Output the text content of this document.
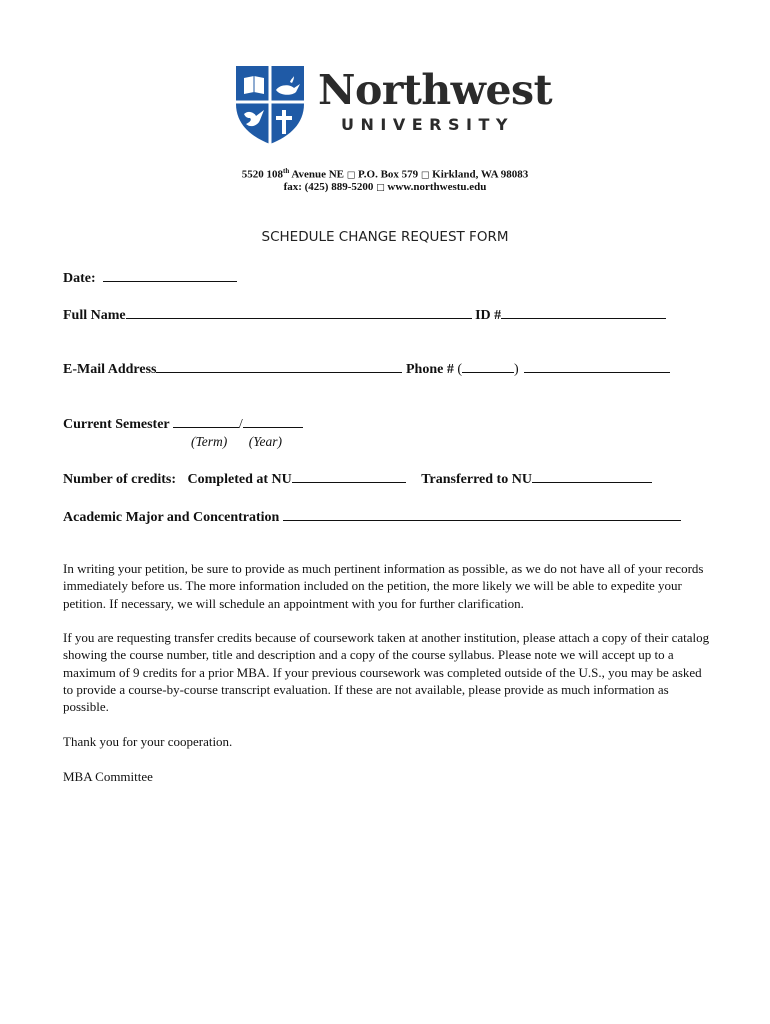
Northwest
UNIVERSITY
5520 108th Avenue NE □ P.O. Box 579 □ Kirkland, WA 98083
fax: (425) 889-5200 □ www.northwestu.edu
SCHEDULE CHANGE REQUEST FORM
Date:
Full Name	ID #
E-Mail Address	Phone # (	)
Current Semester	/
(Term) (Year)
Number of credits: Completed at NU	Transferred to NU
Academic Major and Concentration
In writing your petition, be sure to provide as much pertinent information as possible, as we do not have all of your records immediately before us. The more information included on the petition, the more likely we will be able to expedite your petition. If necessary, we will schedule an appointment with you for further clarification.
If you are requesting transfer credits because of coursework taken at another institution, please attach a copy of their catalog showing the course number, title and description and a copy of the course syllabus. Please note we will accept up to a maximum of 9 credits for a prior MBA. If your previous coursework was completed outside of the U.S., you may be asked to provide a course-by-course transcript evaluation. If these are not available, please provide as much information as possible.
Thank you for your cooperation.
MBA Committee
